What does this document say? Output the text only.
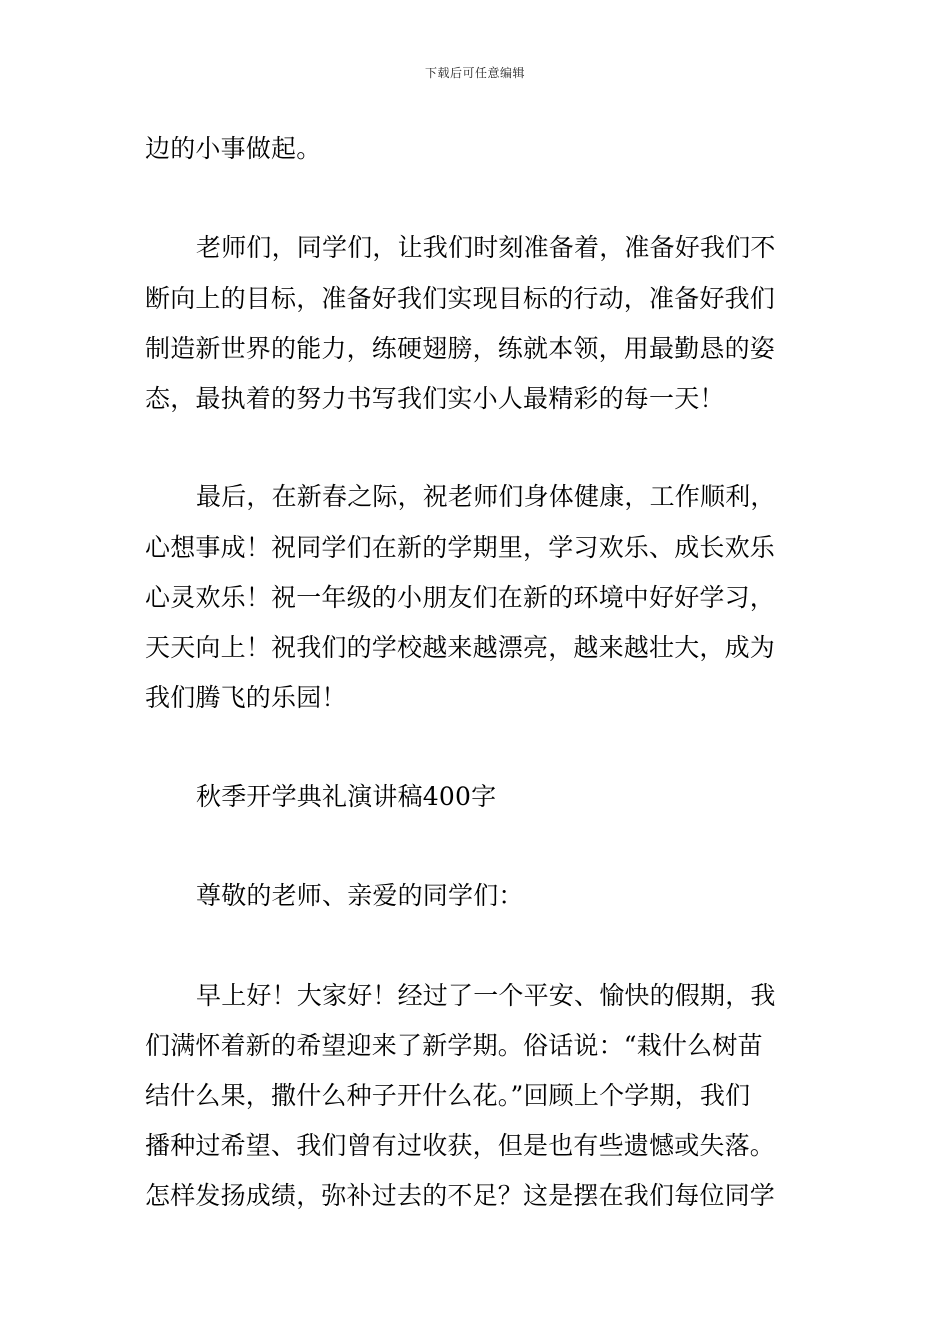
下载后可任意编辑
边的小事做起。
老师们，同学们，让我们时刻准备着，准备好我们不
断向上的目标，准备好我们实现目标的行动，准备好我们
制造新世界的能力，练硬翅膀，练就本领，用最勤恳的姿
态，最执着的努力书写我们实小人最精彩的每一天！
最后，在新春之际，祝老师们身体健康，工作顺利，
心想事成！祝同学们在新的学期里，学习欢乐、成长欢乐
心灵欢乐！祝一年级的小朋友们在新的环境中好好学习，
天天向上！祝我们的学校越来越漂亮，越来越壮大，成为
我们腾飞的乐园！
秋季开学典礼演讲稿400字
尊敬的老师、亲爱的同学们：
早上好！大家好！经过了一个平安、愉快的假期，我
们满怀着新的希望迎来了新学期。俗话说：“栽什么树苗
结什么果，撒什么种子开什么花。”回顾上个学期，我们
播种过希望、我们曾有过收获，但是也有些遗憾或失落。
怎样发扬成绩，弥补过去的不足？这是摆在我们每位同学
